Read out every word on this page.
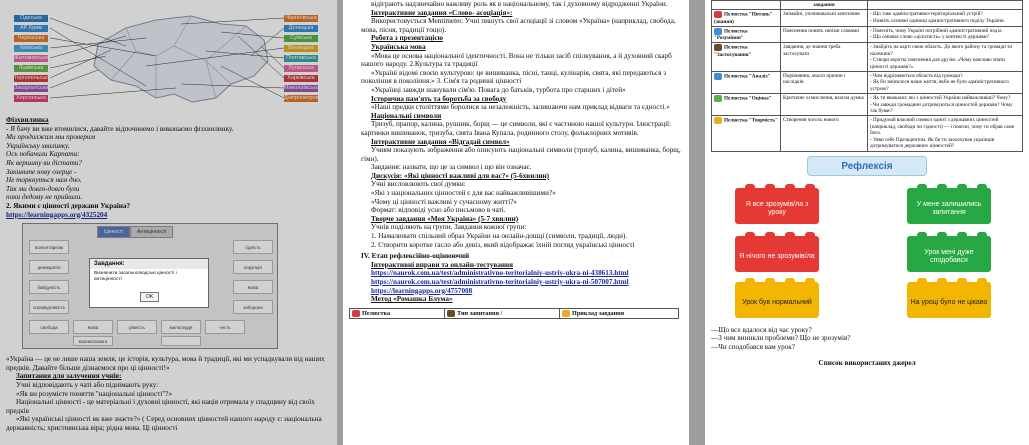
Одеська
АР Крим
Черкаська
Київська
Житомирська
Львівська
Тернопільська
Закарпатська
Херсонська
Чернігівська
Донецька
Сумська
Вінницька
Полтавська
Луганська
Харківська
Миколаївська
Дніпропетровська

Фізхвилинка

- Я бачу ви вже втомилися, давайте відпочинемо і виконаємо фізхвилинку.

Ми продолжим мы проверим

Українську хвилинку.

Ось побачили Карпати:

Як вершину ви дістати?

Закиньте нову озерце -

Не торкнуться нам дно.

Так ми довго-довго були

поки дедому не прийшли.

2. Якими є цінності держави Україна?

https://learningapps.org/4325204

Цінності	Антицінності
волюнтаризм
демократія
байдужість
справедливість
свобода	мова	рівність	милосердя	честь
гідність
корупція
мова
заборона
взаємоповага
Завдання:
Визначити загальнолюдські цінності і антицінності
OK

«Україна — це не лише наша земля, це історія, культура, мова й традиції, які ми успадкували від наших предків. Давайте більше дізнаємося про ці цінності!»

Запитання для залучення учнів:

Учні відповідають у чаті або піднімають руку:

«Як ви розумієте поняття "національні цінності"?»

Національні цінності - це матеріальні і духовні цінності, які нація отримала у спадщину від своїх предків

«Які українські цінності вк вже знаєте?» ( Серед основних цінностей нашого народу є: національна державність; християнська віра; рідна мова. Ці цінності

відіграють надзвичайно важливу роль як в національному, так і духовному відродженні України.

Інтерактивне завдання «Слово- асоціація»:

Використовується Mentimeter. Учні пишуть свої асоціації зі словом «Україна» (наприклад, свобода, мова, пісня, традиції тощо).

Робота з презентацією

Українська мова

«Мова це основа національної ідентичності. Вона не тільки засіб спілкування, а й духовний скарб нашого народу. 2.Культура та традиції

«Україні відомі своєю культурою: це вишиванка, пісні, танці, кулінарія, свята, які передаються з покоління в покоління.» 3. Сім'я та родинні цінності

«Українці завжди шанували сім'ю. Повага до батьків, турбота про старших і дітей»

Історична пам'ять та боротьба за свободу

«Наші предки століттями боролися за незалежність, залишаючи нам приклад відваги та єдності.»

Національні символи

Тризуб, прапор, калина, рушник, борщ — це символи, які є частиною нашої культури. Ілюстрації: картинки вишиванок, тризуба, свята Івана Купала, родинного столу, фольклорних мотивів.

Інтерактивне завдання «Відгадай символ»

Учням показують зображення або описують національні символи (тризуб, калина, вишиванка, борщ, гімн).

Завдання: назвати, що це за символ і що він означає.

Дискусія: «Які цінності важливі для вас?» (5-6хвилин)

Учні висловлюють свої думки:

«Які з національних цінностей є для вас найважливішими?»

«Чому ці цінності важливі у сучасному житті?»

Формат: відповіді усно або письмово в чаті.

Творче завдання «Моя Україна» (5-7 хвилин)

Учнів поділяють на групи. Завдання кожної групи:

1. Намалювати спільний образ України на онлайн-дошці (символи, традиції, люди).

2. Створити коротке гасло або девіз, який відображає їхній погляд українські цінності

IV. Етап рефлексійно-оцінюючий

Інтерактивні вправи та онлайн-тестування

https://naurok.com.ua/test/administrativno-teritorialniy-ustriy-ukra-ni-438613.html

https://naurok.com.ua/test/administrativno-teritorialniy-ustriy-ukra-ni-507007.html

https://learningapps.org/4757008

Метод «Ромашка Блума»

Пелюстка	Тип запитання /	Приклад завдання
	завдання	
Пелюстка "Питань" (знання)	Знімайні, упочнювальні запитання	- Що таке адміністративно-територіальний устрій?
- Назвіть основні одиниці адміністративного поділу України.
Пелюстка "Розуміння"	Пояснення понять своїми словами	- Поясніть, чому Україні потрібний адміністративний поділ.
- Що означає слово «цілісність» у контексті держави?
Пелюстка "Застосування"	Завдання, де знання треба застосувати	- Знайдіть на карті свою область. До якого району та громади ти належиш?
- Створи короткі пояснення для друзів: «Чому важливо знати цінності держави?»
Пелюстка "Аналіз"	Порівняння, аналіз причин і наслідків	- Чим відрізняються область від громади?
- Як би змінилося наше життя, якби не було адміністративного устрою?
Пелюстка "Оцінка"	Критичне осмислення, власна думка	- Як ти вважаєш: які з цінностей України найважливіші? Чому?
- Чи завжди громадяни дотримуються цінностей держави? Чому так буває?
Пелюстка "Творчість"	Створення чогось нового	- Придумай власний символ однієї з державних цінностей (наприклад, свободи чи гідності) — і поясни, чому ти обрав саме його.
- Уяви себе Президентом. Як би ти заохочував українців дотримуватися державних цінностей?
Рефлексія
Я все зрозумів/ла з уроку
У мене залишились запитання
Я нічого не зрозумів/ла
Урок мені дуже сподобався
Урок був нормальний	На уроці було не цікаво

—Що все вдалося від час уроку?

—З чим виникли проблеми? Що не зрозумів?

—Чи сподобався вам урок?

Список використаних джерел
